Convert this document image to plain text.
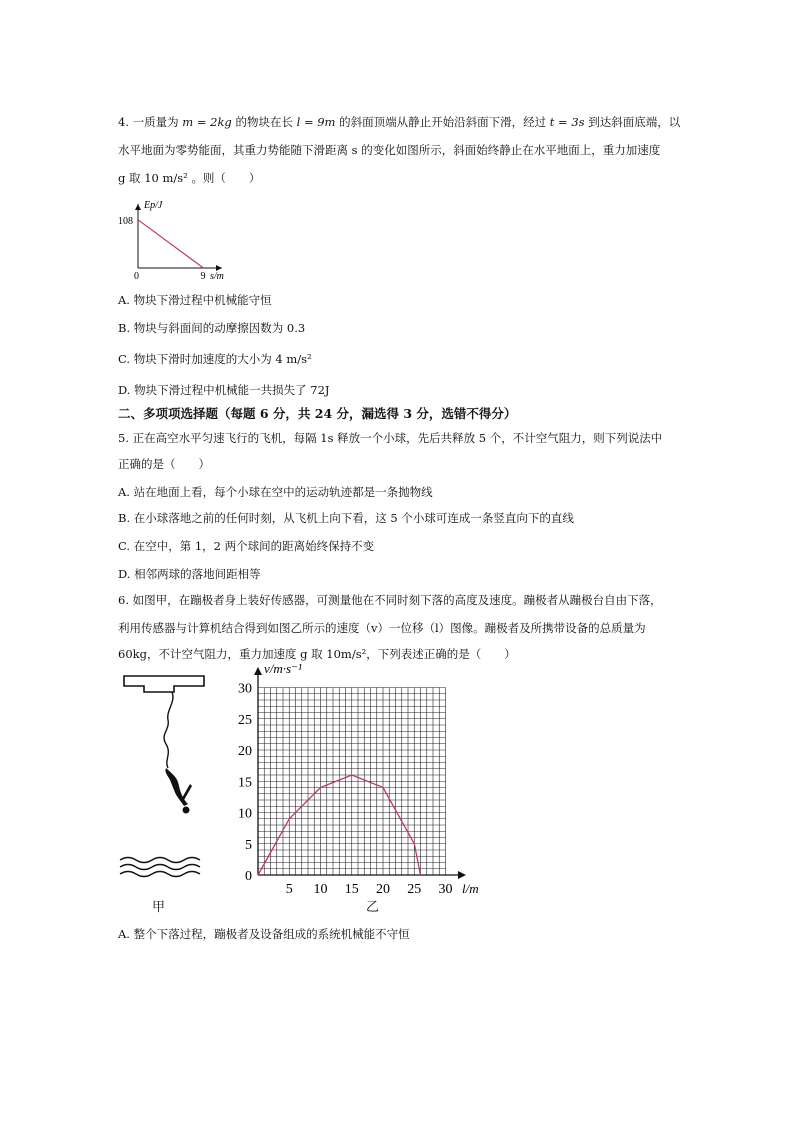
4. 一质量为 m = 2kg 的物块在长 l = 9m 的斜面顶端从静止开始沿斜面下滑，经过 t = 3s 到达斜面底端，以
水平地面为零势能面，其重力势能随下滑距离 s 的变化如图所示，斜面始终静止在水平地面上，重力加速度
g 取 10 m/s² 。则（　　）
Ep/J
s/m
0	9
108
A. 物块下滑过程中机械能守恒
B. 物块与斜面间的动摩擦因数为 0.3
C. 物块下滑时加速度的大小为 4 m/s²
D. 物块下滑过程中机械能一共损失了 72J
二、多项项选择题（每题 6 分，共 24 分，漏选得 3 分，选错不得分）
5. 正在高空水平匀速飞行的飞机，每隔 1s 释放一个小球，先后共释放 5 个，不计空气阻力，则下列说法中
正确的是（　　）
A. 站在地面上看，每个小球在空中的运动轨迹都是一条抛物线
B. 在小球落地之前的任何时刻，从飞机上向下看，这 5 个小球可连成一条竖直向下的直线
C. 在空中，第 1，2 两个球间的距离始终保持不变
D. 相邻两球的落地间距相等
6. 如图甲，在蹦极者身上装好传感器，可测量他在不同时刻下落的高度及速度。蹦极者从蹦极台自由下落，
利用传感器与计算机结合得到如图乙所示的速度（v）一位移（l）图像。蹦极者及所携带设备的总质量为
60kg，不计空气阻力，重力加速度 g 取 10m/s²，下列表述正确的是（　　）
0
5
10
15
20
25
30
5 10 15 20 25 30
v/m·s⁻¹
l/m
甲	乙
A. 整个下落过程，蹦极者及设备组成的系统机械能不守恒
